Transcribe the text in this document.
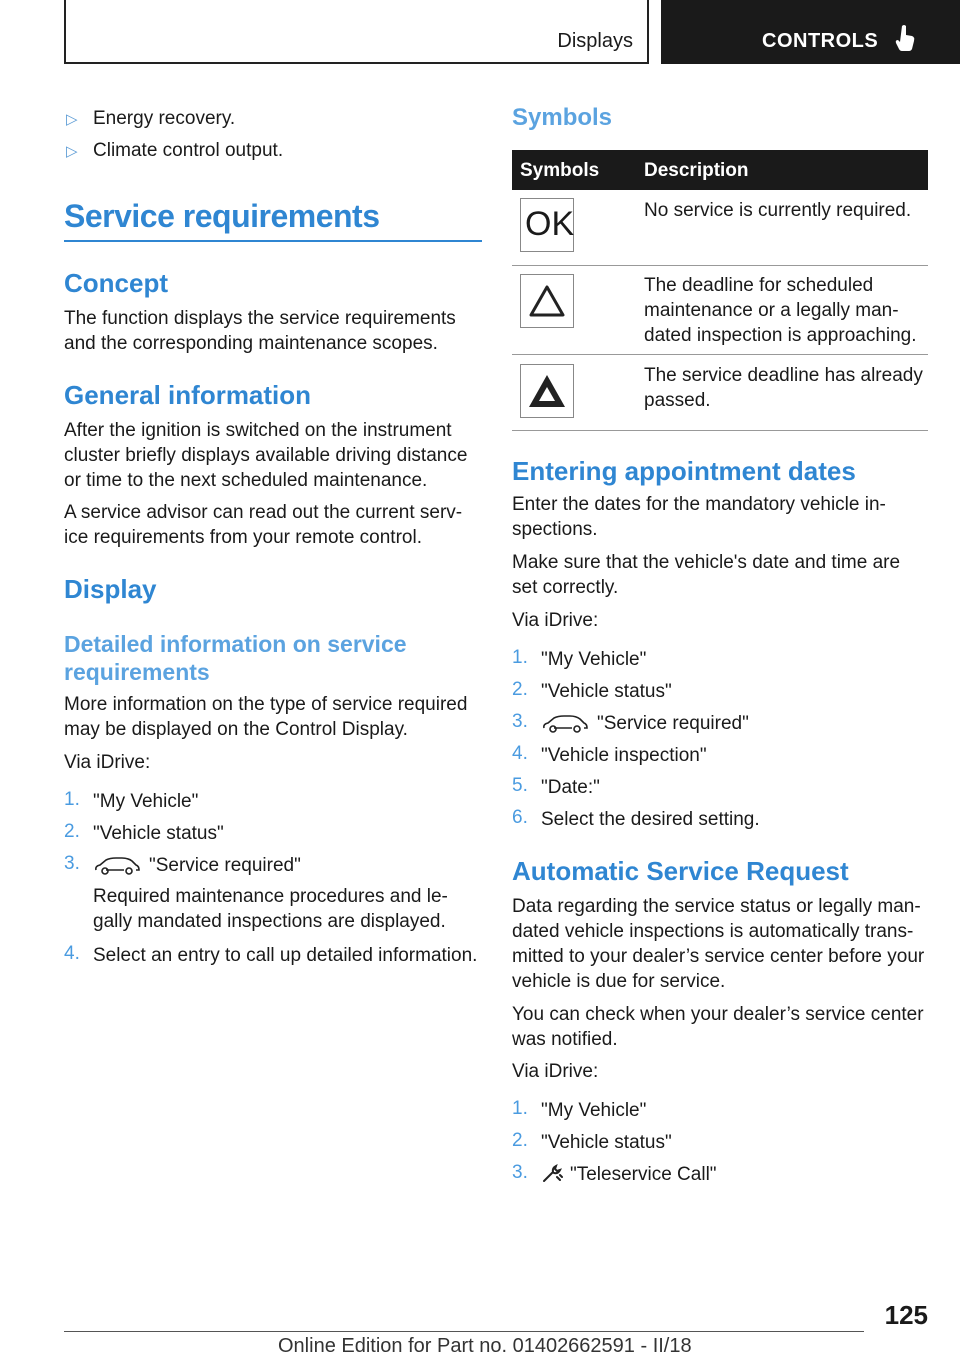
Displays	CONTROLS
▷ Energy recovery.
▷ Climate control output.
Service requirements
Concept
The function displays the service requirements and the corresponding maintenance scopes.
General information
After the ignition is switched on the instrument cluster briefly displays available driving distance or time to the next scheduled maintenance.
A service advisor can read out the current serv-ice requirements from your remote control.
Display
Detailed information on service requirements
More information on the type of service required may be displayed on the Control Display.
Via iDrive:
1. "My Vehicle"
2. "Vehicle status"
3.	"Service required"
Required maintenance procedures and le-gally mandated inspections are displayed.
4. Select an entry to call up detailed information.
Symbols
Symbols Description
OK	No service is currently required.
The deadline for scheduled maintenance or a legally man-dated inspection is approaching.
The service deadline has already passed.
Entering appointment dates
Enter the dates for the mandatory vehicle in-spections.
Make sure that the vehicle's date and time are set correctly.
Via iDrive:
1. "My Vehicle"
2. "Vehicle status"
3.	"Service required"
4. "Vehicle inspection"
5. "Date:"
6. Select the desired setting.
Automatic Service Request
Data regarding the service status or legally man-dated vehicle inspections is automatically trans-mitted to your dealer’s service center before your vehicle is due for service.
You can check when your dealer’s service center was notified.
Via iDrive:
1. "My Vehicle"
2. "Vehicle status"
3. "Teleservice Call"
125
Online Edition for Part no. 01402662591 - II/18
